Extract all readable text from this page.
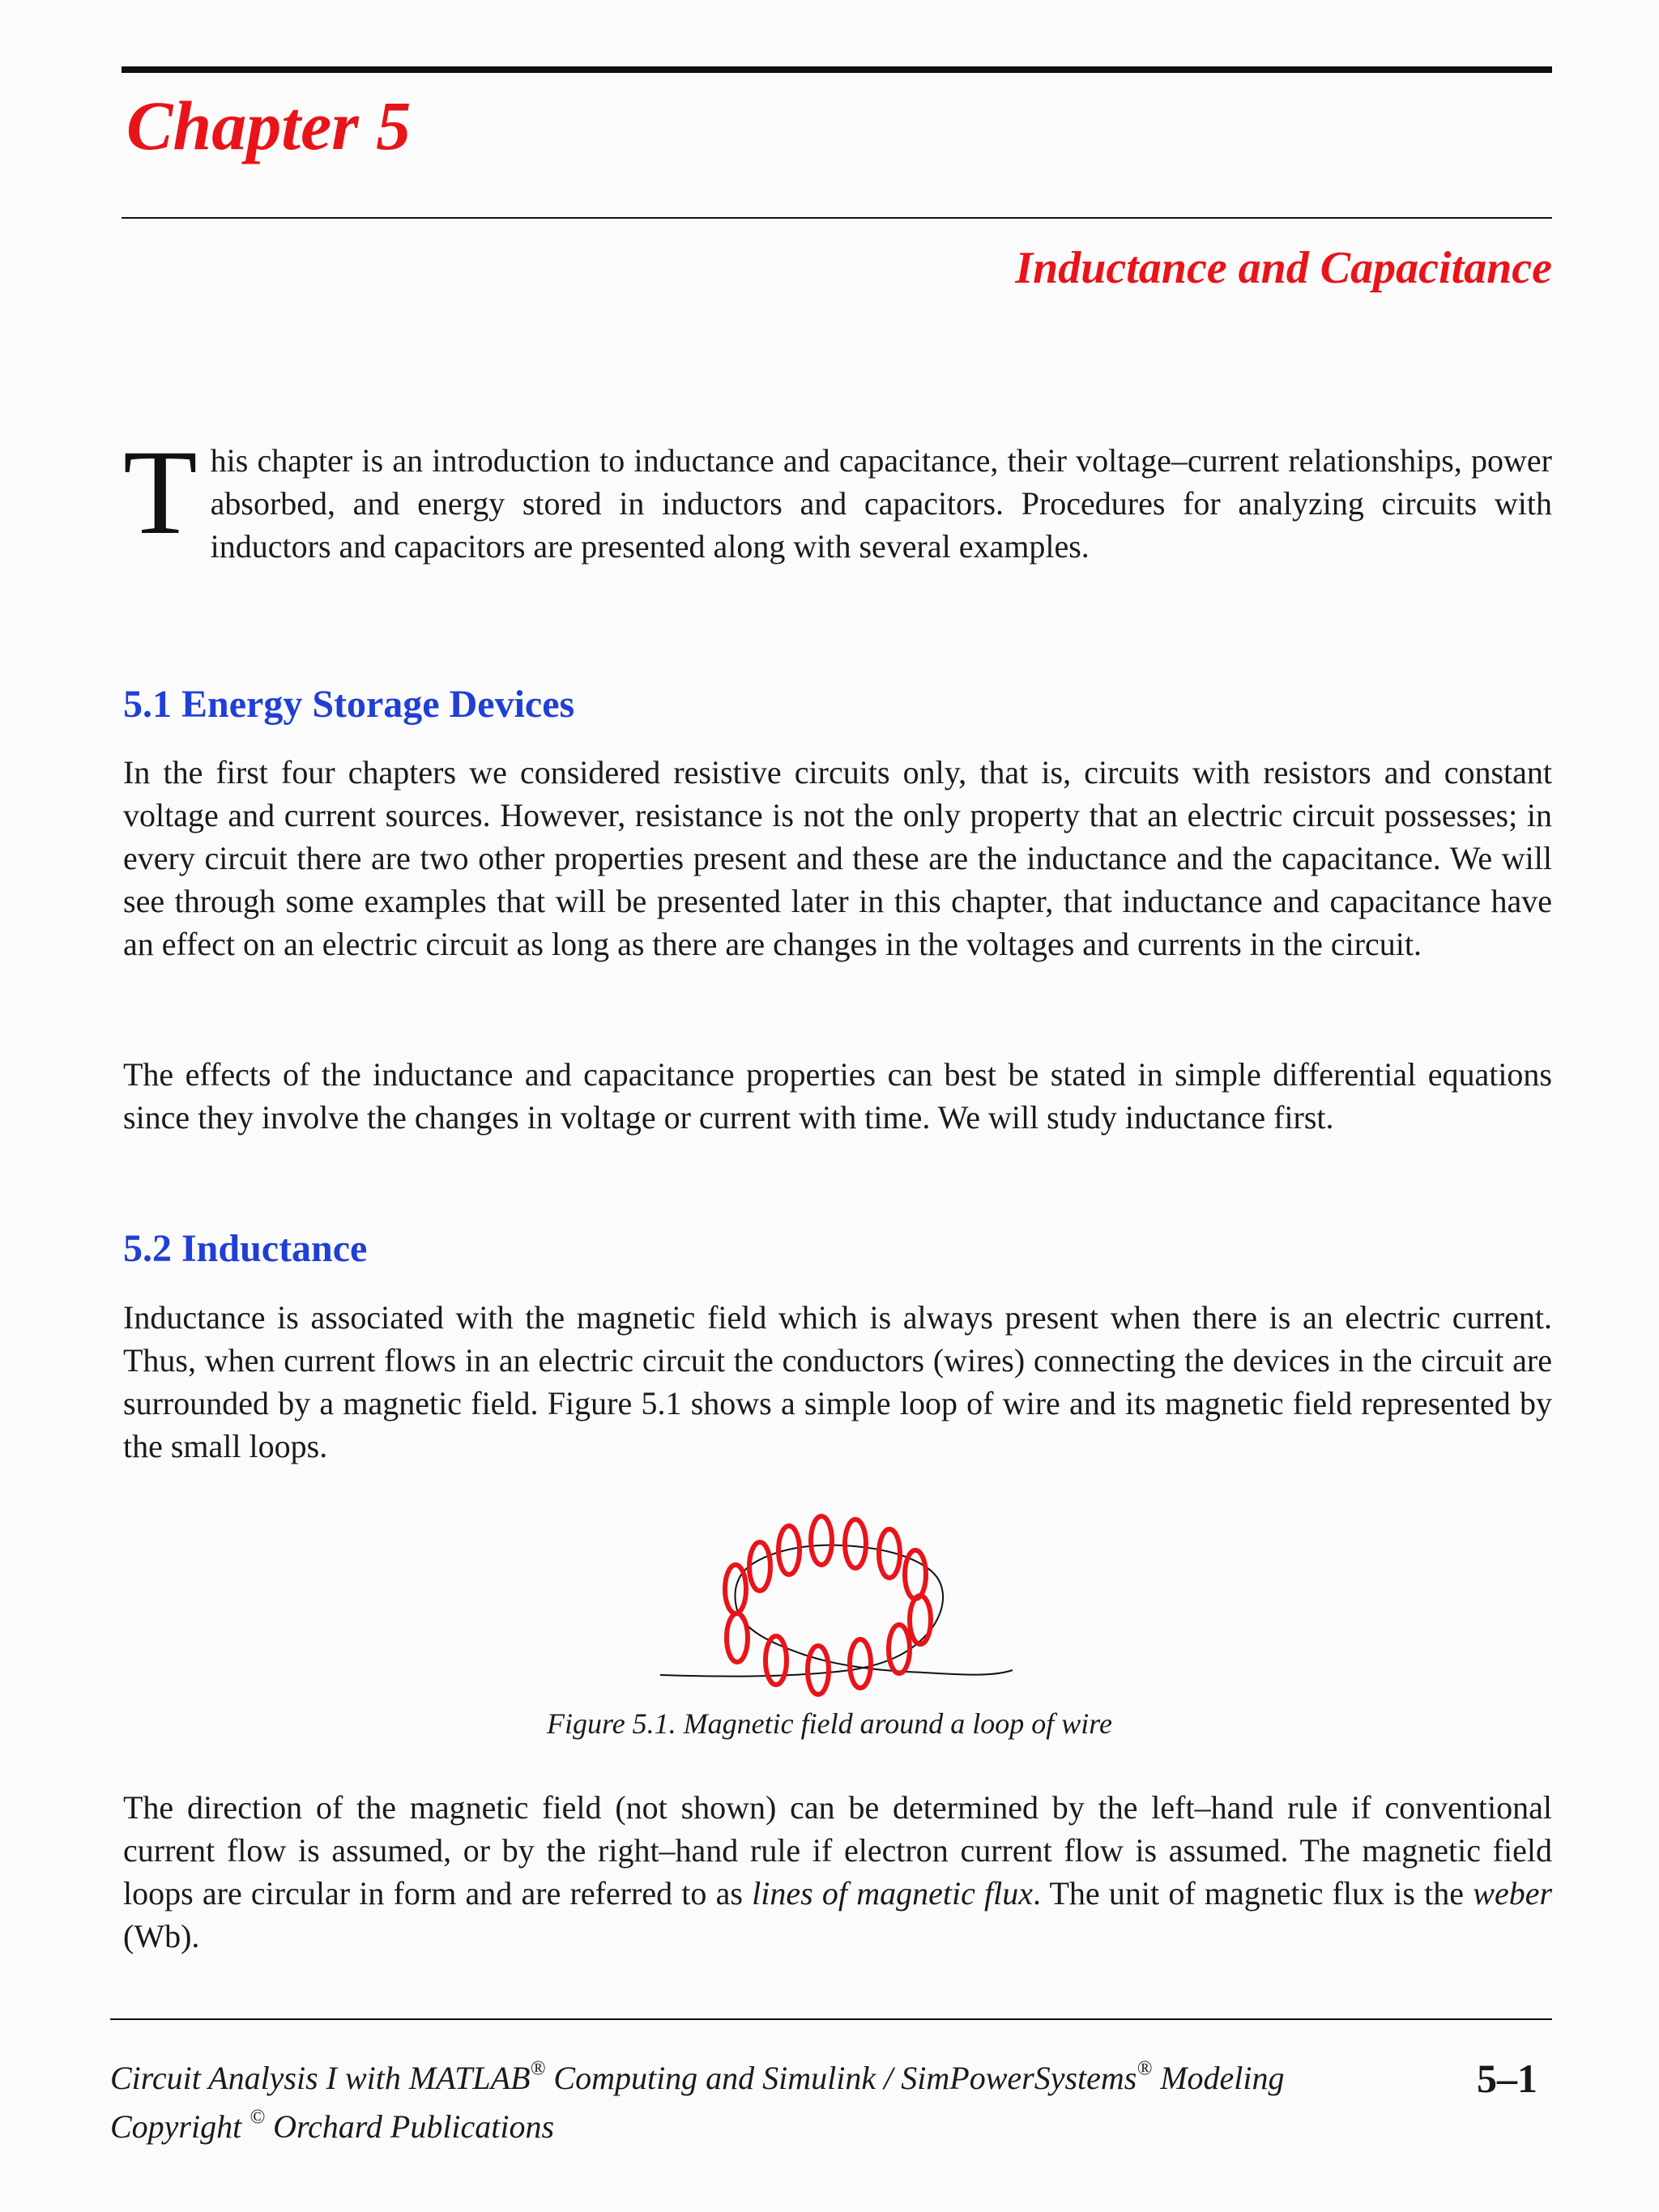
Chapter 5
Inductance and Capacitance

This chapter is an introduction to inductance and capacitance, their voltage–current relationships, power absorbed, and energy stored in inductors and capacitors. Procedures for analyzing circuits with inductors and capacitors are presented along with several examples.

5.1 Energy Storage Devices

In the first four chapters we considered resistive circuits only, that is, circuits with resistors and constant voltage and current sources. However, resistance is not the only property that an electric circuit possesses; in every circuit there are two other properties present and these are the inductance and the capacitance. We will see through some examples that will be presented later in this chapter, that inductance and capacitance have an effect on an electric circuit as long as there are changes in the voltages and currents in the circuit.

The effects of the inductance and capacitance properties can best be stated in simple differential equations since they involve the changes in voltage or current with time. We will study inductance first.

5.2 Inductance

Inductance is associated with the magnetic field which is always present when there is an electric current. Thus, when current flows in an electric circuit the conductors (wires) connecting the devices in the circuit are surrounded by a magnetic field. Figure 5.1 shows a simple loop of wire and its magnetic field represented by the small loops.

Figure 5.1. Magnetic field around a loop of wire

The direction of the magnetic field (not shown) can be determined by the left–hand rule if conventional current flow is assumed, or by the right–hand rule if electron current flow is assumed. The magnetic field loops are circular in form and are referred to as lines of magnetic flux. The unit of magnetic flux is the weber (Wb).

Circuit Analysis I with MATLAB® Computing and Simulink / SimPowerSystems® Modeling
Copyright © Orchard Publications
5–1
